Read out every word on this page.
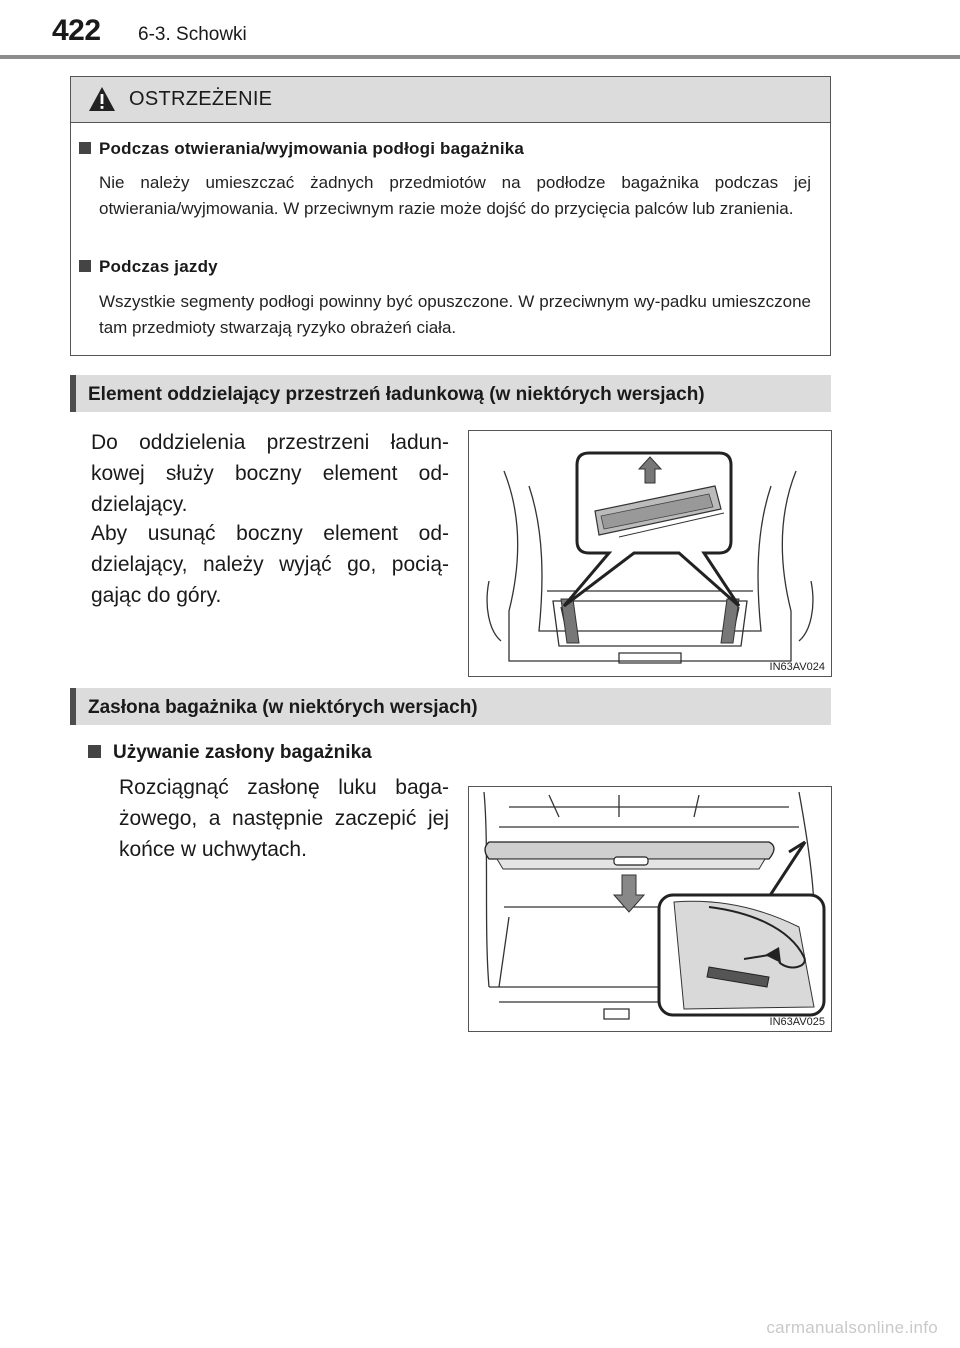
422 6-3. Schowki
OSTRZEŻENIE
Podczas otwierania/wyjmowania podłogi bagażnika
Nie należy umieszczać żadnych przedmiotów na podłodze bagażnika podczas jej otwierania/wyjmowania. W przeciwnym razie może dojść do przycięcia palców lub zranienia.
Podczas jazdy
Wszystkie segmenty podłogi powinny być opuszczone. W przeciwnym wy-padku umieszczone tam przedmioty stwarzają ryzyko obrażeń ciała.
Element oddzielający przestrzeń ładunkową (w niektórych wersjach)
Do oddzielenia przestrzeni ładun-kowej służy boczny element od-dzielający.
Aby usunąć boczny element od-dzielający, należy wyjąć go, pocią-gając do góry.
IN63AV024
Zasłona bagażnika (w niektórych wersjach)
Używanie zasłony bagażnika
Rozciągnąć zasłonę luku baga-żowego, a następnie zaczepić jej końce w uchwytach.
IN63AV025
carmanualsonline.info
